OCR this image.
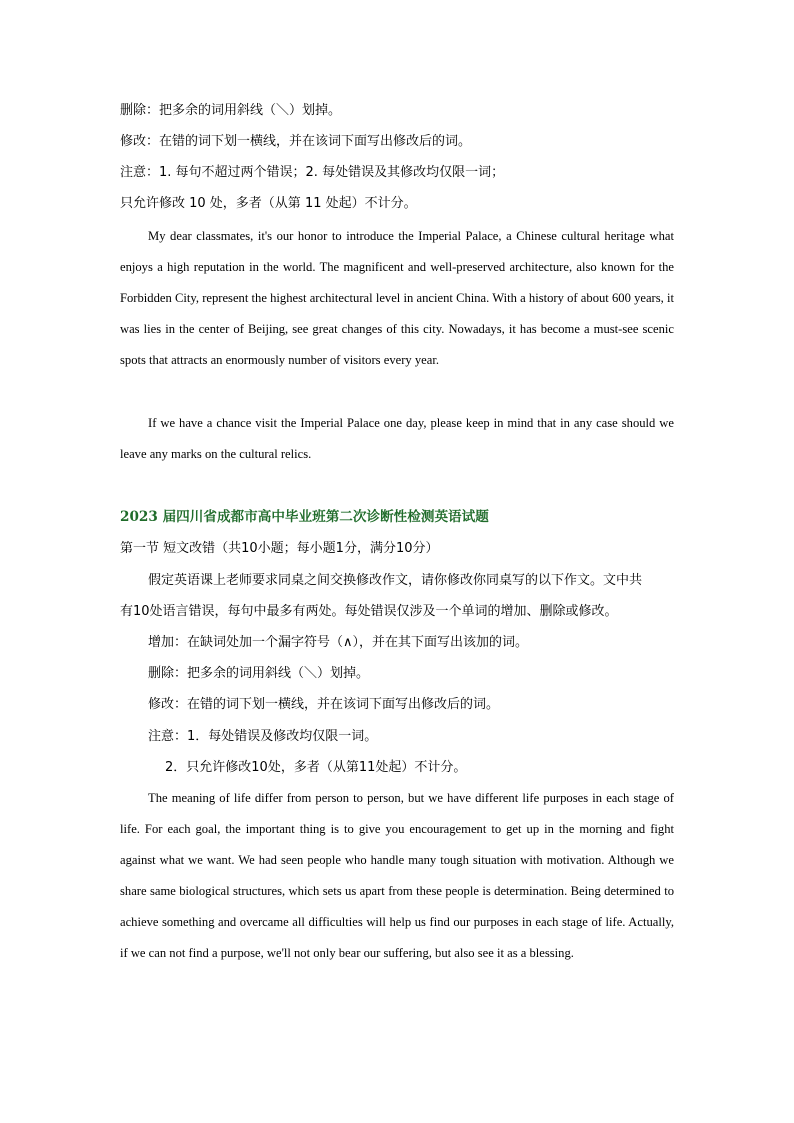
删除：把多余的词用斜线（＼）划掉。
修改：在错的词下划一横线，并在该词下面写出修改后的词。
注意：1. 每句不超过两个错误；2. 每处错误及其修改均仅限一词；
只允许修改 10 处，多者（从第 11 处起）不计分。

My dear classmates, it's our honor to introduce the Imperial Palace, a Chinese cultural heritage what enjoys a high reputation in the world. The magnificent and well-preserved architecture, also known for the Forbidden City, represent the highest architectural level in ancient China. With a history of about 600 years, it was lies in the center of Beijing, see great changes of this city. Nowadays, it has become a must-see scenic spots that attracts an enormously number of visitors every year.

If we have a chance visit the Imperial Palace one day, please keep in mind that in any case should we leave any marks on the cultural relics.

2023 届四川省成都市高中毕业班第二次诊断性检测英语试题
第一节 短文改错（共10小题；每小题1分，满分10分）
假定英语课上老师要求同桌之间交换修改作文，请你修改你同桌写的以下作文。文中共
有10处语言错误，每句中最多有两处。每处错误仅涉及一个单词的增加、删除或修改。
增加：在缺词处加一个漏字符号（∧），并在其下面写出该加的词。
删除：把多余的词用斜线（＼）划掉。
修改：在错的词下划一横线，并在该词下面写出修改后的词。
注意：1．每处错误及修改均仅限一词。
2．只允许修改10处，多者（从第11处起）不计分。

The meaning of life differ from person to person, but we have different life purposes in each stage of life. For each goal, the important thing is to give you encouragement to get up in the morning and fight against what we want. We had seen people who handle many tough situation with motivation. Although we share same biological structures, which sets us apart from these people is determination. Being determined to achieve something and overcame all difficulties will help us find our purposes in each stage of life. Actually, if we can not find a purpose, we'll not only bear our suffering, but also see it as a blessing.
